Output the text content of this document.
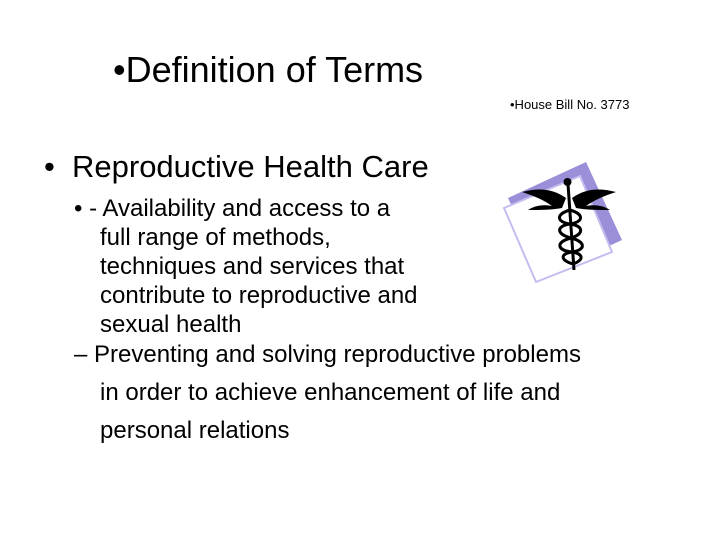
•Definition of Terms
•House Bill No. 3773
• Reproductive Health Care
• - Availability and access to a
full range of methods,
techniques and services that
contribute to reproductive and
sexual health
– Preventing and solving reproductive problems
in order to achieve enhancement of life and
personal relations
